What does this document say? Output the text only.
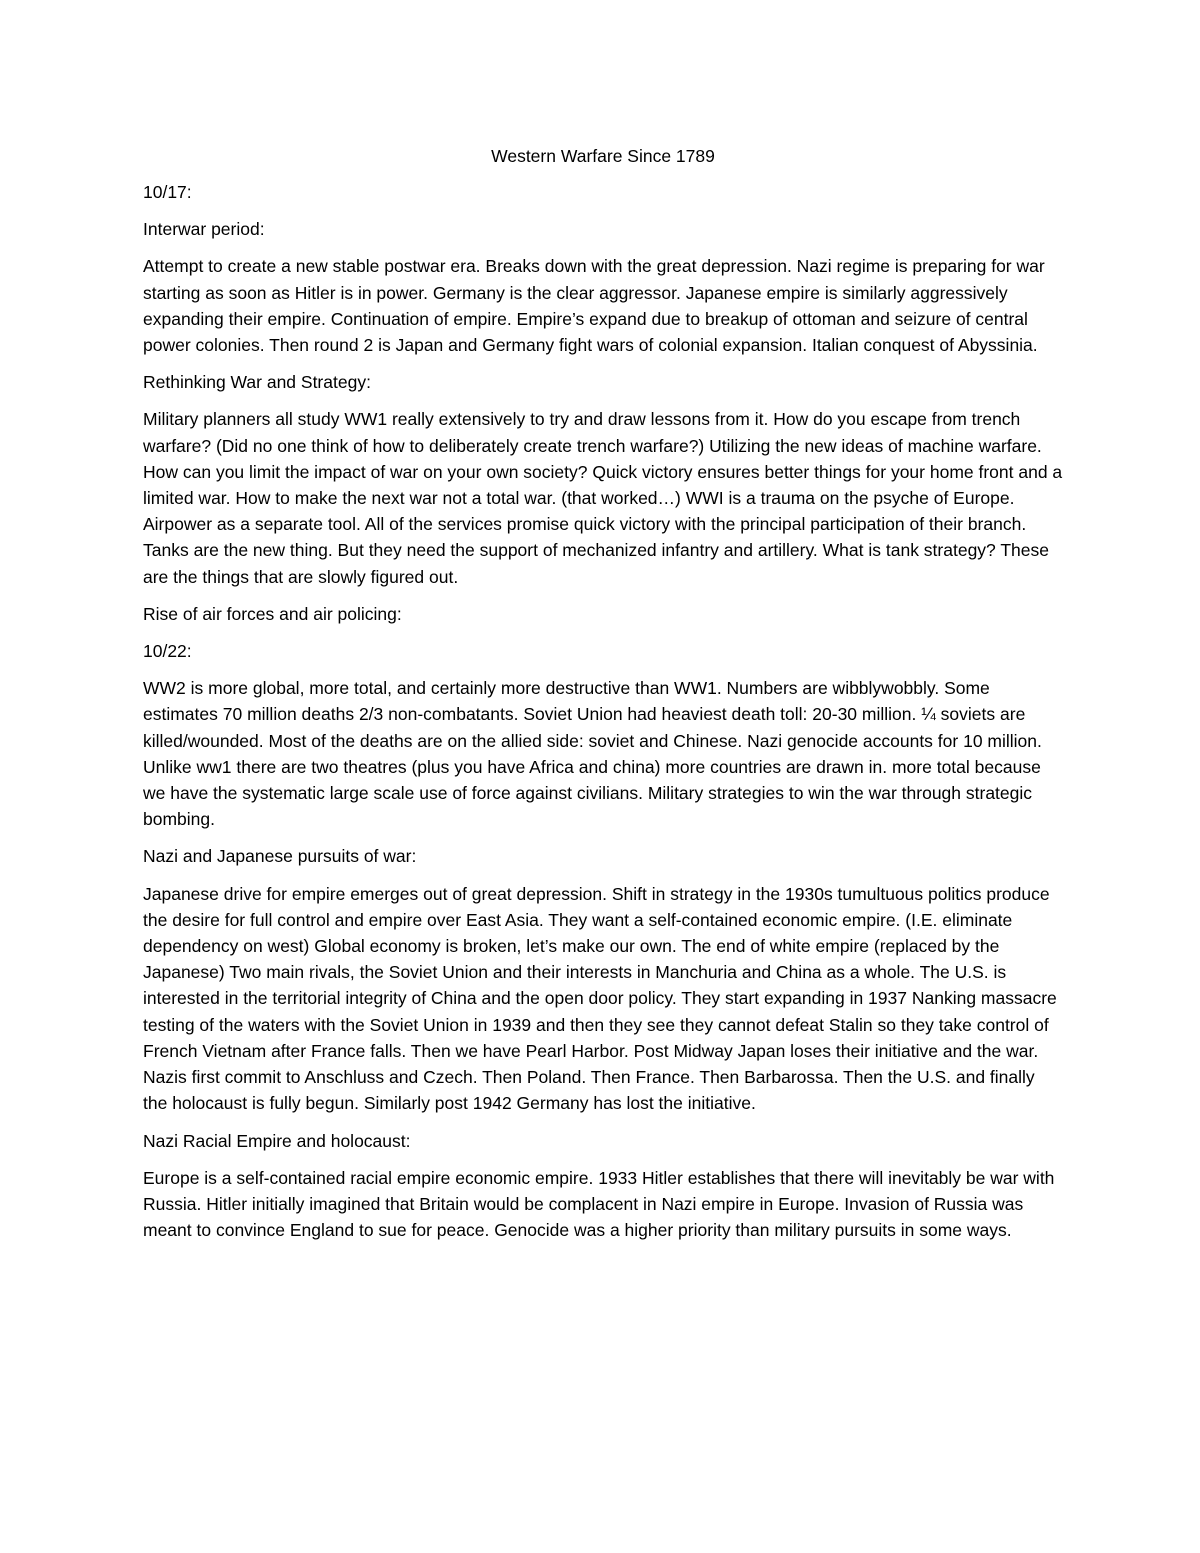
Western Warfare Since 1789

10/17:

Interwar period:

Attempt to create a new stable postwar era. Breaks down with the great depression. Nazi regime is preparing for war starting as soon as Hitler is in power. Germany is the clear aggressor. Japanese empire is similarly aggressively expanding their empire. Continuation of empire. Empire’s expand due to breakup of ottoman and seizure of central power colonies. Then round 2 is Japan and Germany fight wars of colonial expansion. Italian conquest of Abyssinia.

Rethinking War and Strategy:

Military planners all study WW1 really extensively to try and draw lessons from it. How do you escape from trench warfare? (Did no one think of how to deliberately create trench warfare?) Utilizing the new ideas of machine warfare. How can you limit the impact of war on your own society? Quick victory ensures better things for your home front and a limited war. How to make the next war not a total war. (that worked…) WWI is a trauma on the psyche of Europe. Airpower as a separate tool. All of the services promise quick victory with the principal participation of their branch. Tanks are the new thing. But they need the support of mechanized infantry and artillery. What is tank strategy? These are the things that are slowly figured out.

Rise of air forces and air policing:

10/22:

WW2 is more global, more total, and certainly more destructive than WW1. Numbers are wibblywobbly. Some estimates 70 million deaths 2/3 non-combatants. Soviet Union had heaviest death toll: 20-30 million. ¼ soviets are killed/wounded. Most of the deaths are on the allied side: soviet and Chinese. Nazi genocide accounts for 10 million. Unlike ww1 there are two theatres (plus you have Africa and china) more countries are drawn in. more total because we have the systematic large scale use of force against civilians. Military strategies to win the war through strategic bombing.

Nazi and Japanese pursuits of war:

Japanese drive for empire emerges out of great depression. Shift in strategy in the 1930s tumultuous politics produce the desire for full control and empire over East Asia. They want a self-contained economic empire. (I.E. eliminate dependency on west) Global economy is broken, let’s make our own. The end of white empire (replaced by the Japanese) Two main rivals, the Soviet Union and their interests in Manchuria and China as a whole. The U.S. is interested in the territorial integrity of China and the open door policy. They start expanding in 1937 Nanking massacre testing of the waters with the Soviet Union in 1939 and then they see they cannot defeat Stalin so they take control of French Vietnam after France falls. Then we have Pearl Harbor. Post Midway Japan loses their initiative and the war. Nazis first commit to Anschluss and Czech. Then Poland. Then France. Then Barbarossa. Then the U.S. and finally the holocaust is fully begun. Similarly post 1942 Germany has lost the initiative.

Nazi Racial Empire and holocaust:

Europe is a self-contained racial empire economic empire. 1933 Hitler establishes that there will inevitably be war with Russia. Hitler initially imagined that Britain would be complacent in Nazi empire in Europe. Invasion of Russia was meant to convince England to sue for peace. Genocide was a higher priority than military pursuits in some ways.
